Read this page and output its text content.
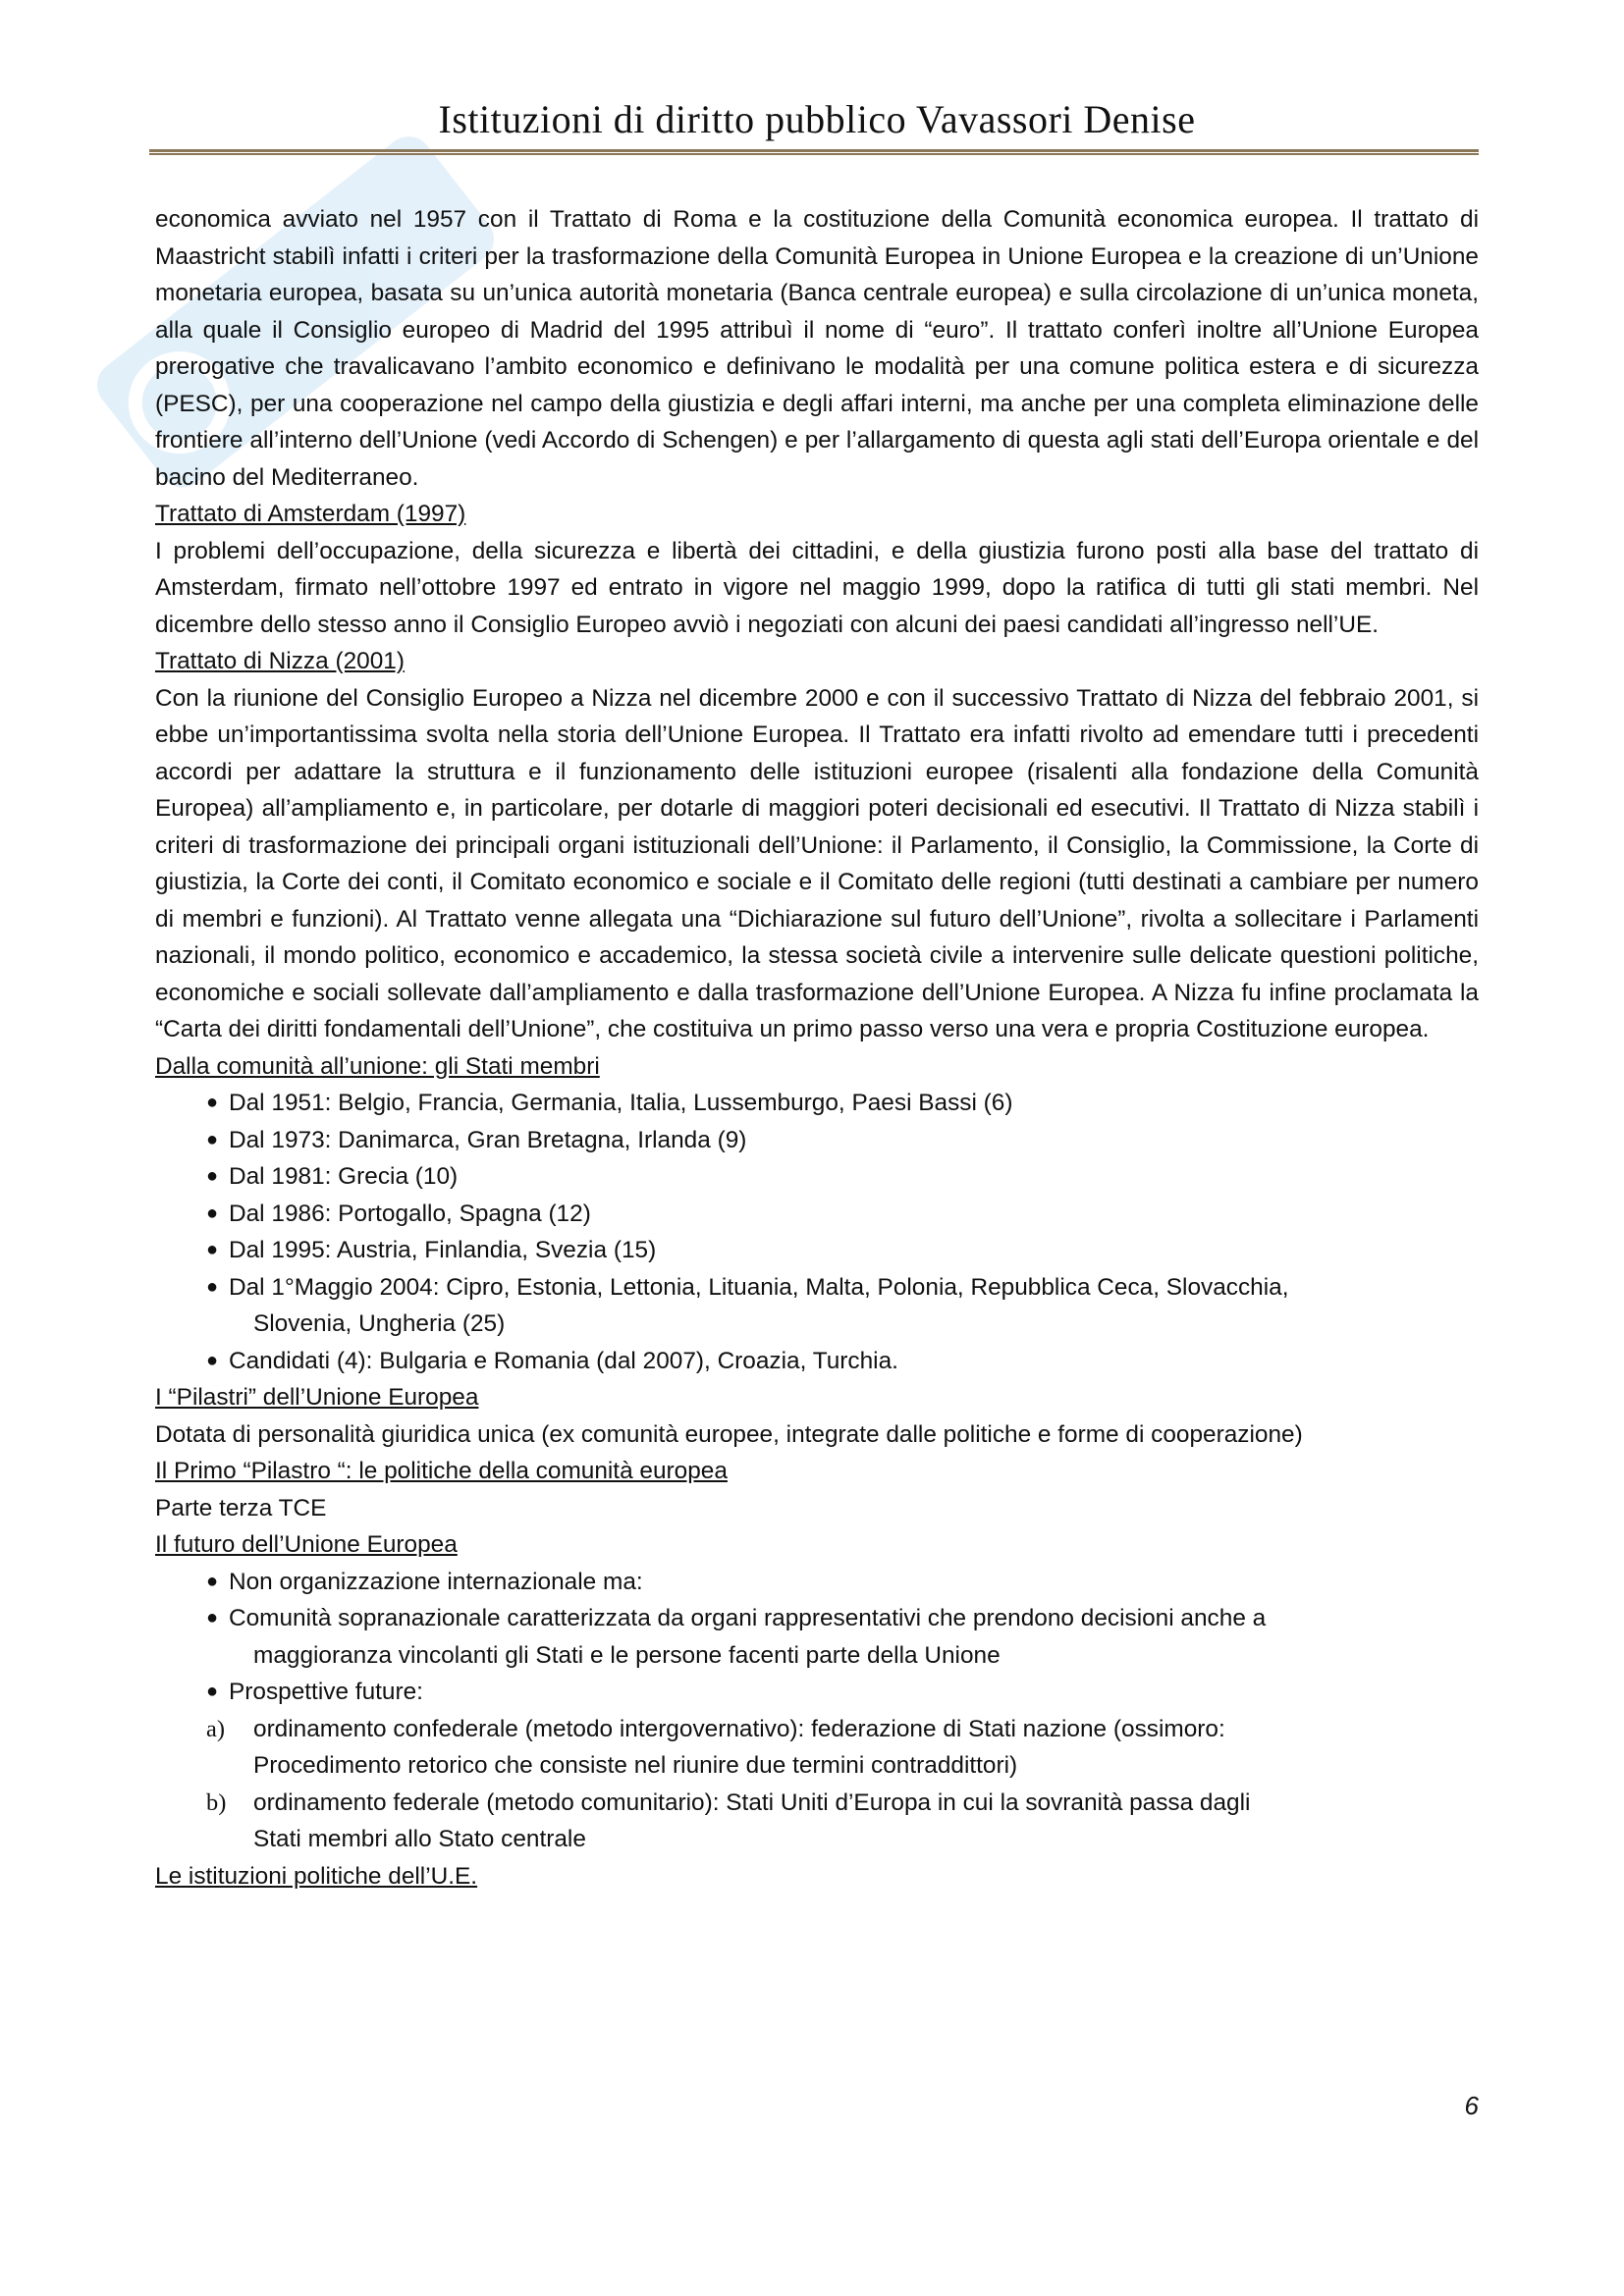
Istituzioni di diritto pubblico Vavassori Denise

economica avviato nel 1957 con il Trattato di Roma e la costituzione della Comunità economica europea. Il trattato di Maastricht stabilì infatti i criteri per la trasformazione della Comunità Europea in Unione Europea e la creazione di un’Unione monetaria europea, basata su un’unica autorità monetaria (Banca centrale europea) e sulla circolazione di un’unica moneta, alla quale il Consiglio europeo di Madrid del 1995 attribuì il nome di “euro”. Il trattato conferì inoltre all’Unione Europea prerogative che travalicavano l’ambito economico e definivano le modalità per una comune politica estera e di sicurezza (PESC), per una cooperazione nel campo della giustizia e degli affari interni, ma anche per una completa eliminazione delle frontiere all’interno dell’Unione (vedi Accordo di Schengen) e per l’allargamento di questa agli stati dell’Europa orientale e del bacino del Mediterraneo.

Trattato di Amsterdam (1997)

I problemi dell’occupazione, della sicurezza e libertà dei cittadini, e della giustizia furono posti alla base del trattato di Amsterdam, firmato nell’ottobre 1997 ed entrato in vigore nel maggio 1999, dopo la ratifica di tutti gli stati membri. Nel dicembre dello stesso anno il Consiglio Europeo avviò i negoziati con alcuni dei paesi candidati all’ingresso nell’UE.

Trattato di Nizza (2001)

Con la riunione del Consiglio Europeo a Nizza nel dicembre 2000 e con il successivo Trattato di Nizza del febbraio 2001, si ebbe un’importantissima svolta nella storia dell’Unione Europea. Il Trattato era infatti rivolto ad emendare tutti i precedenti accordi per adattare la struttura e il funzionamento delle istituzioni europee (risalenti alla fondazione della Comunità Europea) all’ampliamento e, in particolare, per dotarle di maggiori poteri decisionali ed esecutivi. Il Trattato di Nizza stabilì i criteri di trasformazione dei principali organi istituzionali dell’Unione: il Parlamento, il Consiglio, la Commissione, la Corte di giustizia, la Corte dei conti, il Comitato economico e sociale e il Comitato delle regioni (tutti destinati a cambiare per numero di membri e funzioni). Al Trattato venne allegata una “Dichiarazione sul futuro dell’Unione”, rivolta a sollecitare i Parlamenti nazionali, il mondo politico, economico e accademico, la stessa società civile a intervenire sulle delicate questioni politiche, economiche e sociali sollevate dall’ampliamento e dalla trasformazione dell’Unione Europea. A Nizza fu infine proclamata la “Carta dei diritti fondamentali dell’Unione”, che costituiva un primo passo verso una vera e propria Costituzione europea.

Dalla comunità all’unione: gli Stati membri

● Dal 1951: Belgio, Francia, Germania, Italia, Lussemburgo, Paesi Bassi (6)
● Dal 1973: Danimarca, Gran Bretagna, Irlanda (9)
● Dal 1981: Grecia (10)
● Dal 1986: Portogallo, Spagna (12)
● Dal 1995: Austria, Finlandia, Svezia (15)
● Dal 1°Maggio 2004: Cipro, Estonia, Lettonia, Lituania, Malta, Polonia, Repubblica Ceca, Slovacchia,
Slovenia, Ungheria (25)
● Candidati (4): Bulgaria e Romania (dal 2007), Croazia, Turchia.

I “Pilastri” dell’Unione Europea

Dotata di personalità giuridica unica (ex comunità europee, integrate dalle politiche e forme di cooperazione)

Il Primo “Pilastro “: le politiche della comunità europea

Parte terza TCE

Il futuro dell’Unione Europea

● Non organizzazione internazionale ma:
● Comunità sopranazionale caratterizzata da organi rappresentativi che prendono decisioni anche a
maggioranza vincolanti gli Stati e le persone facenti parte della Unione
● Prospettive future:
a) ordinamento confederale (metodo intergovernativo): federazione di Stati nazione (ossimoro:
Procedimento retorico che consiste nel riunire due termini contraddittori)
b) ordinamento federale (metodo comunitario): Stati Uniti d’Europa in cui la sovranità passa dagli
Stati membri allo Stato centrale

Le istituzioni politiche dell’U.E.

6
